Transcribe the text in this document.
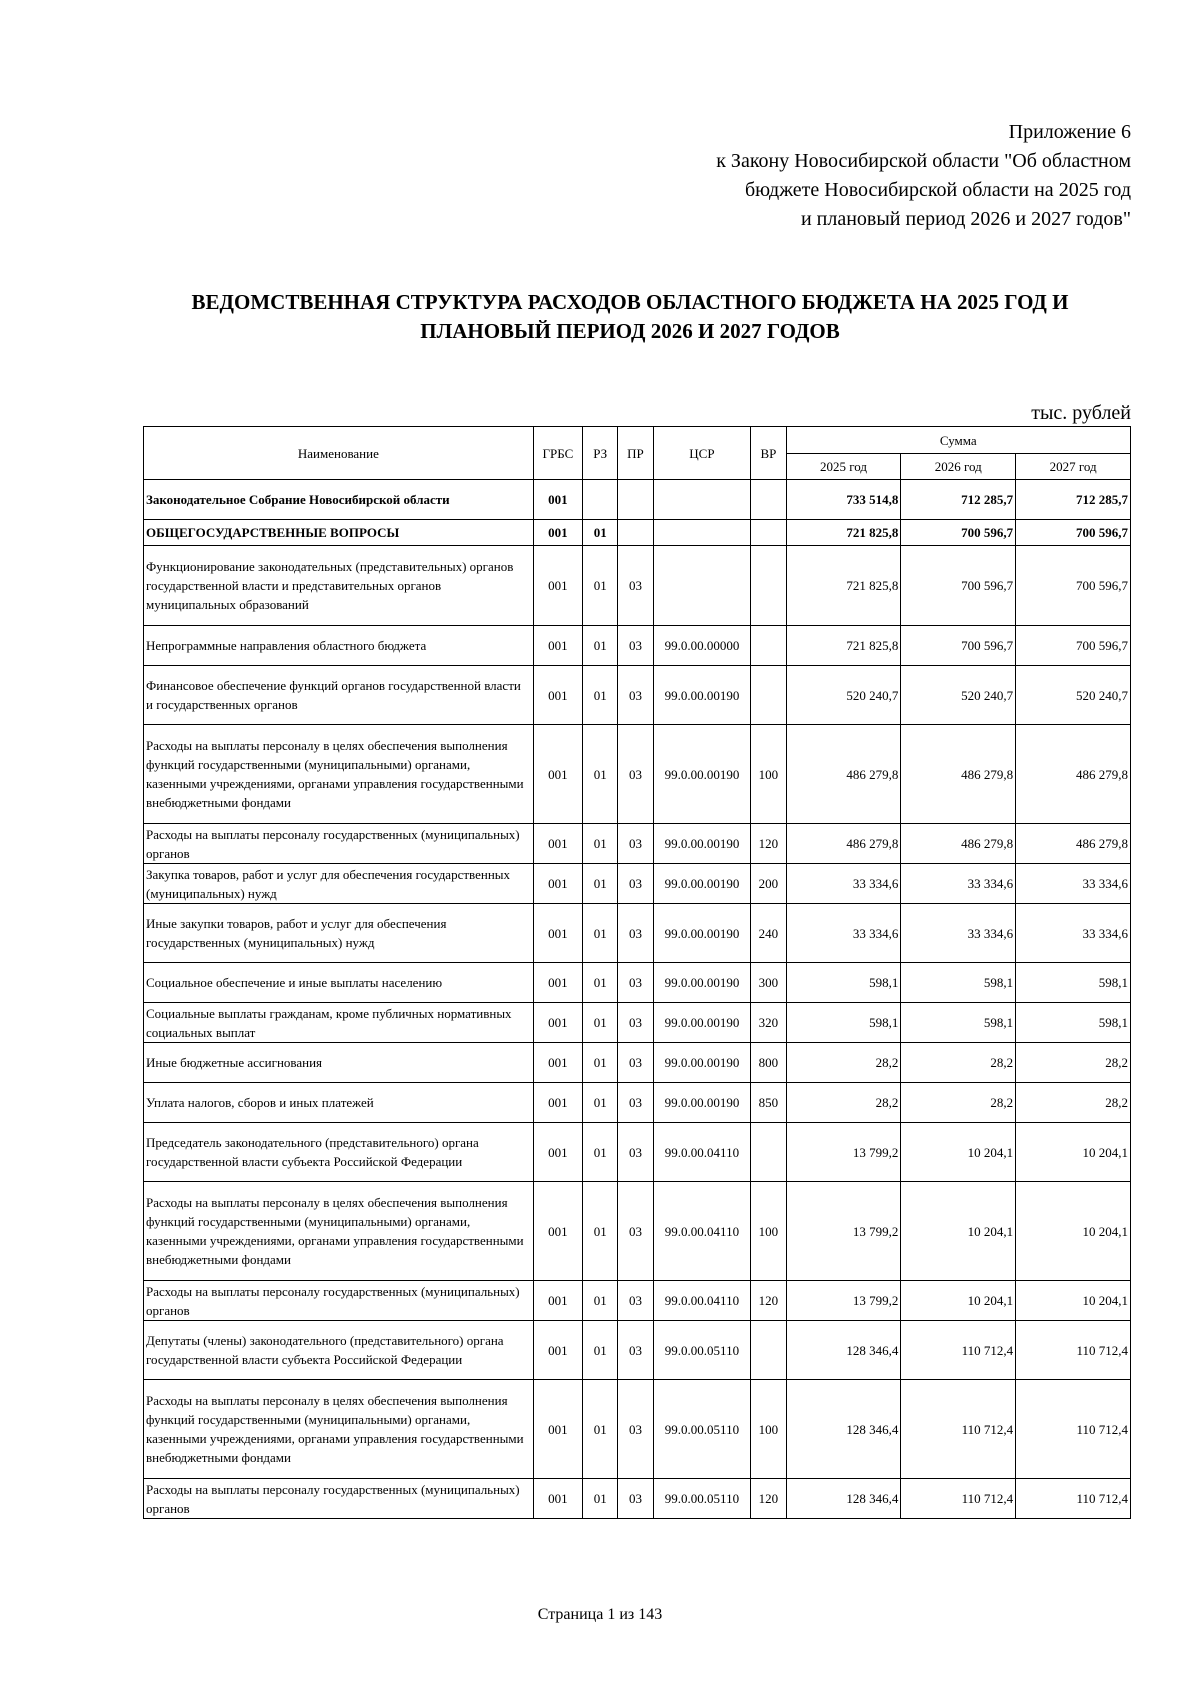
Приложение 6
к Закону Новосибирской области "Об областном
бюджете Новосибирской области на 2025 год
и плановый период 2026 и 2027 годов"
ВЕДОМСТВЕННАЯ СТРУКТУРА РАСХОДОВ ОБЛАСТНОГО БЮДЖЕТА НА 2025 ГОД И
ПЛАНОВЫЙ ПЕРИОД 2026 И 2027 ГОДОВ
тыс. рублей
Наименование	ГРБС	РЗ	ПР	ЦСР	ВР	Сумма		
						2025 год	2026 год	2027 год
Законодательное Собрание Новосибирской области	001					733 514,8	712 285,7	712 285,7
ОБЩЕГОСУДАРСТВЕННЫЕ ВОПРОСЫ	001	01				721 825,8	700 596,7	700 596,7
Функционирование законодательных (представительных) органов государственной власти и представительных органов муниципальных образований	001	01	03			721 825,8	700 596,7	700 596,7
Непрограммные направления областного бюджета	001	01	03	99.0.00.00000		721 825,8	700 596,7	700 596,7
Финансовое обеспечение функций органов государственной власти и государственных органов	001	01	03	99.0.00.00190		520 240,7	520 240,7	520 240,7
Расходы на выплаты персоналу в целях обеспечения выполнения функций государственными (муниципальными) органами, казенными учреждениями, органами управления государственными внебюджетными фондами	001	01	03	99.0.00.00190	100	486 279,8	486 279,8	486 279,8
Расходы на выплаты персоналу государственных (муниципальных) органов	001	01	03	99.0.00.00190	120	486 279,8	486 279,8	486 279,8
Закупка товаров, работ и услуг для обеспечения государственных (муниципальных) нужд	001	01	03	99.0.00.00190	200	33 334,6	33 334,6	33 334,6
Иные закупки товаров, работ и услуг для обеспечения государственных (муниципальных) нужд	001	01	03	99.0.00.00190	240	33 334,6	33 334,6	33 334,6
Социальное обеспечение и иные выплаты населению	001	01	03	99.0.00.00190	300	598,1	598,1	598,1
Социальные выплаты гражданам, кроме публичных нормативных социальных выплат	001	01	03	99.0.00.00190	320	598,1	598,1	598,1
Иные бюджетные ассигнования	001	01	03	99.0.00.00190	800	28,2	28,2	28,2
Уплата налогов, сборов и иных платежей	001	01	03	99.0.00.00190	850	28,2	28,2	28,2
Председатель законодательного (представительного) органа государственной власти субъекта Российской Федерации	001	01	03	99.0.00.04110		13 799,2	10 204,1	10 204,1
Расходы на выплаты персоналу в целях обеспечения выполнения функций государственными (муниципальными) органами, казенными учреждениями, органами управления государственными внебюджетными фондами	001	01	03	99.0.00.04110	100	13 799,2	10 204,1	10 204,1
Расходы на выплаты персоналу государственных (муниципальных) органов	001	01	03	99.0.00.04110	120	13 799,2	10 204,1	10 204,1
Депутаты (члены) законодательного (представительного) органа государственной власти субъекта Российской Федерации	001	01	03	99.0.00.05110		128 346,4	110 712,4	110 712,4
Расходы на выплаты персоналу в целях обеспечения выполнения функций государственными (муниципальными) органами, казенными учреждениями, органами управления государственными внебюджетными фондами	001	01	03	99.0.00.05110	100	128 346,4	110 712,4	110 712,4
Расходы на выплаты персоналу государственных (муниципальных) органов	001	01	03	99.0.00.05110	120	128 346,4	110 712,4	110 712,4
Страница 1 из 143
